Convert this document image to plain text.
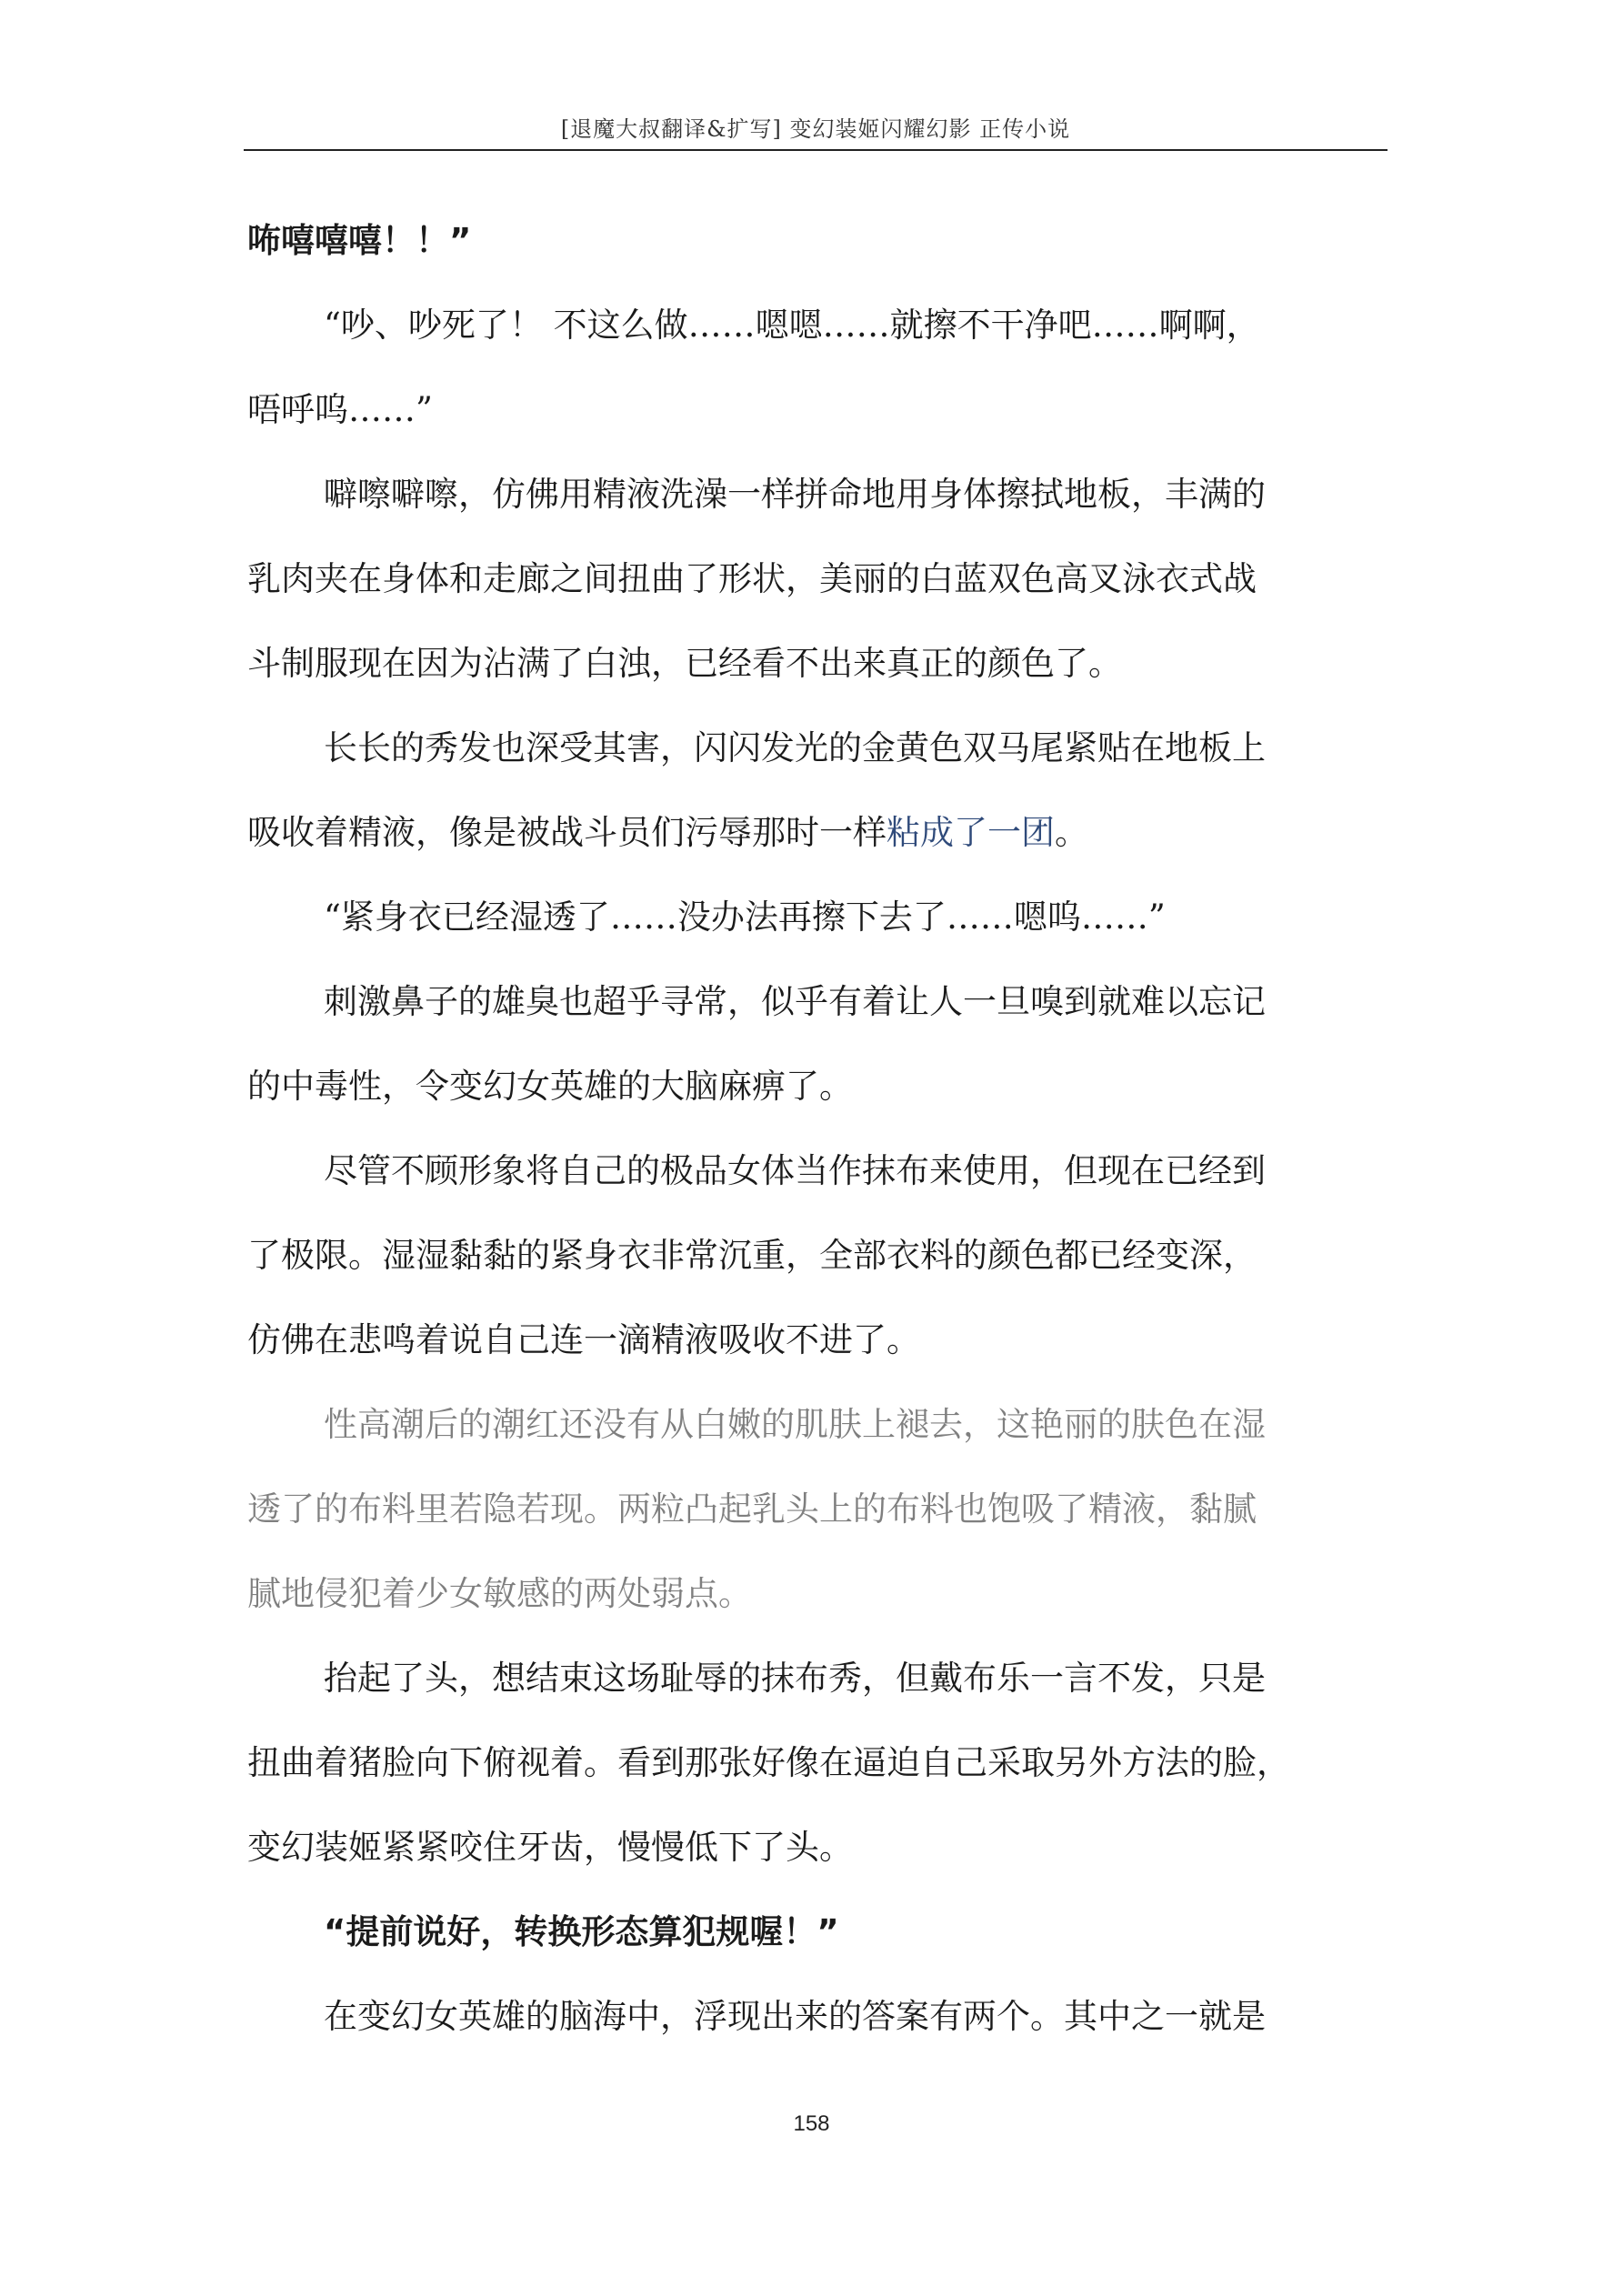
[退魔大叔翻译&扩写] 变幻装姬闪耀幻影 正传小说
咘嘻嘻嘻！！”
“吵、吵死了！ 不这么做……嗯嗯……就擦不干净吧……啊啊，
唔呼呜……”
噼嚓噼嚓，仿佛用精液洗澡一样拼命地用身体擦拭地板，丰满的
乳肉夹在身体和走廊之间扭曲了形状，美丽的白蓝双色高叉泳衣式战
斗制服现在因为沾满了白浊，已经看不出来真正的颜色了。
长长的秀发也深受其害，闪闪发光的金黄色双马尾紧贴在地板上
吸收着精液，像是被战斗员们污辱那时一样粘成了一团。
“紧身衣已经湿透了……没办法再擦下去了……嗯呜……”
刺激鼻子的雄臭也超乎寻常，似乎有着让人一旦嗅到就难以忘记
的中毒性，令变幻女英雄的大脑麻痹了。
尽管不顾形象将自己的极品女体当作抹布来使用，但现在已经到
了极限。湿湿黏黏的紧身衣非常沉重，全部衣料的颜色都已经变深，
仿佛在悲鸣着说自己连一滴精液吸收不进了。
性高潮后的潮红还没有从白嫩的肌肤上褪去，这艳丽的肤色在湿
透了的布料里若隐若现。两粒凸起乳头上的布料也饱吸了精液，黏腻
腻地侵犯着少女敏感的两处弱点。
抬起了头，想结束这场耻辱的抹布秀，但戴布乐一言不发，只是
扭曲着猪脸向下俯视着。看到那张好像在逼迫自己采取另外方法的脸，
变幻装姬紧紧咬住牙齿，慢慢低下了头。
“提前说好，转换形态算犯规喔！”
在变幻女英雄的脑海中，浮现出来的答案有两个。其中之一就是
158
